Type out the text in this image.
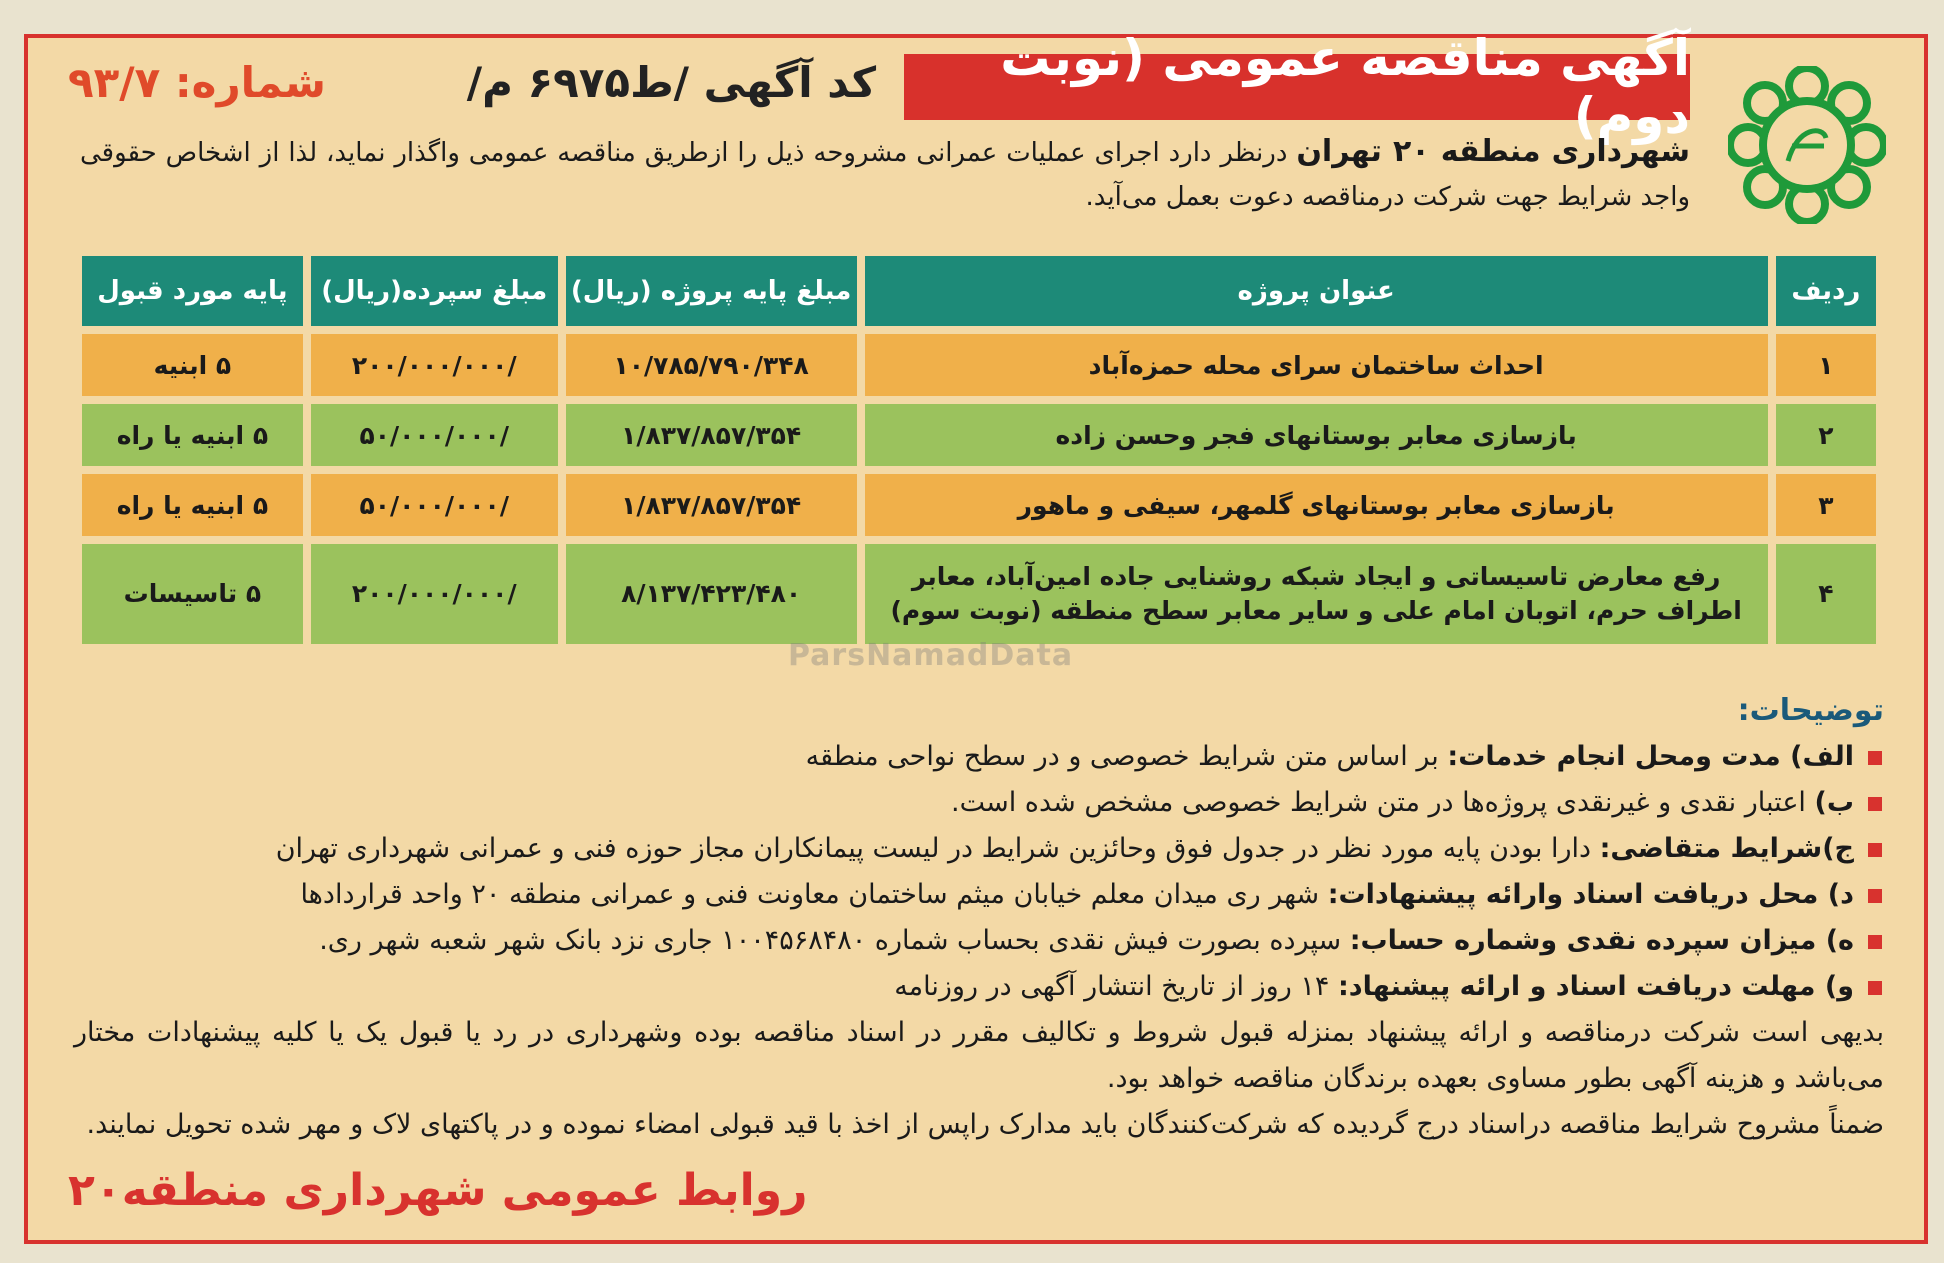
آگهی مناقصه عمومی (نوبت دوم)
کد آگهی /ط۶۹۷۵ م/
شماره: ۹۳/۷

شهرداری منطقه ۲۰ تهران درنظر دارد اجرای عملیات عمرانی مشروحه ذیل را ازطریق مناقصه عمومی واگذار نماید، لذا از اشخاص حقوقی واجد شرایط جهت شرکت درمناقصه دعوت بعمل می‌آید.

ردیف	عنوان پروژه	مبلغ پایه پروژه (ریال)	مبلغ سپرده(ریال)	پایه مورد قبول
۱	احداث ساختمان سرای محله حمزه‌آباد	۱۰/۷۸۵/۷۹۰/۳۴۸	/۲۰۰/۰۰۰/۰۰۰	۵ ابنیه
۲	بازسازی معابر بوستانهای فجر وحسن زاده	۱/۸۳۷/۸۵۷/۳۵۴	/۵۰/۰۰۰/۰۰۰	۵ ابنیه یا راه
۳	بازسازی معابر بوستانهای گلمهر، سیفی و ماهور	۱/۸۳۷/۸۵۷/۳۵۴	/۵۰/۰۰۰/۰۰۰	۵ ابنیه یا راه
۴	رفع معارض تاسیساتی و ایجاد شبکه روشنایی جاده امین‌آباد، معابر
اطراف حرم، اتوبان امام علی و سایر معابر سطح منطقه (نوبت سوم)	۸/۱۳۷/۴۲۳/۴۸۰	/۲۰۰/۰۰۰/۰۰۰	۵ تاسیسات
توضیحات:
الف) مدت ومحل انجام خدمات: بر اساس متن شرایط خصوصی و در سطح نواحی منطقه
ب) اعتبار نقدی و غیرنقدی پروژه‌ها در متن شرایط خصوصی مشخص شده است.
ج)شرایط متقاضی: دارا بودن پایه مورد نظر در جدول فوق وحائزین شرایط در لیست پیمانکاران مجاز حوزه فنی و عمرانی شهرداری تهران
د) محل دریافت اسناد وارائه پیشنهادات: شهر ری میدان معلم خیابان میثم ساختمان معاونت فنی و عمرانی منطقه ۲۰ واحد قراردادها
ه) میزان سپرده نقدی وشماره حساب: سپرده بصورت فیش نقدی بحساب شماره ۱۰۰۴۵۶۸۴۸۰ جاری نزد بانک شهر شعبه شهر ری.
و) مهلت دریافت اسناد و ارائه پیشنهاد: ۱۴ روز از تاریخ انتشار آگهی در روزنامه

بدیهی است شرکت درمناقصه و ارائه پیشنهاد بمنزله قبول شروط و تکالیف مقرر در اسناد مناقصه بوده وشهرداری در رد یا قبول یک یا کلیه پیشنهادات مختار می‌باشد و هزینه آگهی بطور مساوی بعهده برندگان مناقصه خواهد بود.

ضمناً مشروح شرایط مناقصه دراسناد درج گردیده که شرکت‌کنندگان باید مدارک راپس از اخذ با قید قبولی امضاء نموده و در پاکتهای لاک و مهر شده تحویل نمایند.

ParsNamadData
روابط عمومی شهرداری منطقه۲۰
